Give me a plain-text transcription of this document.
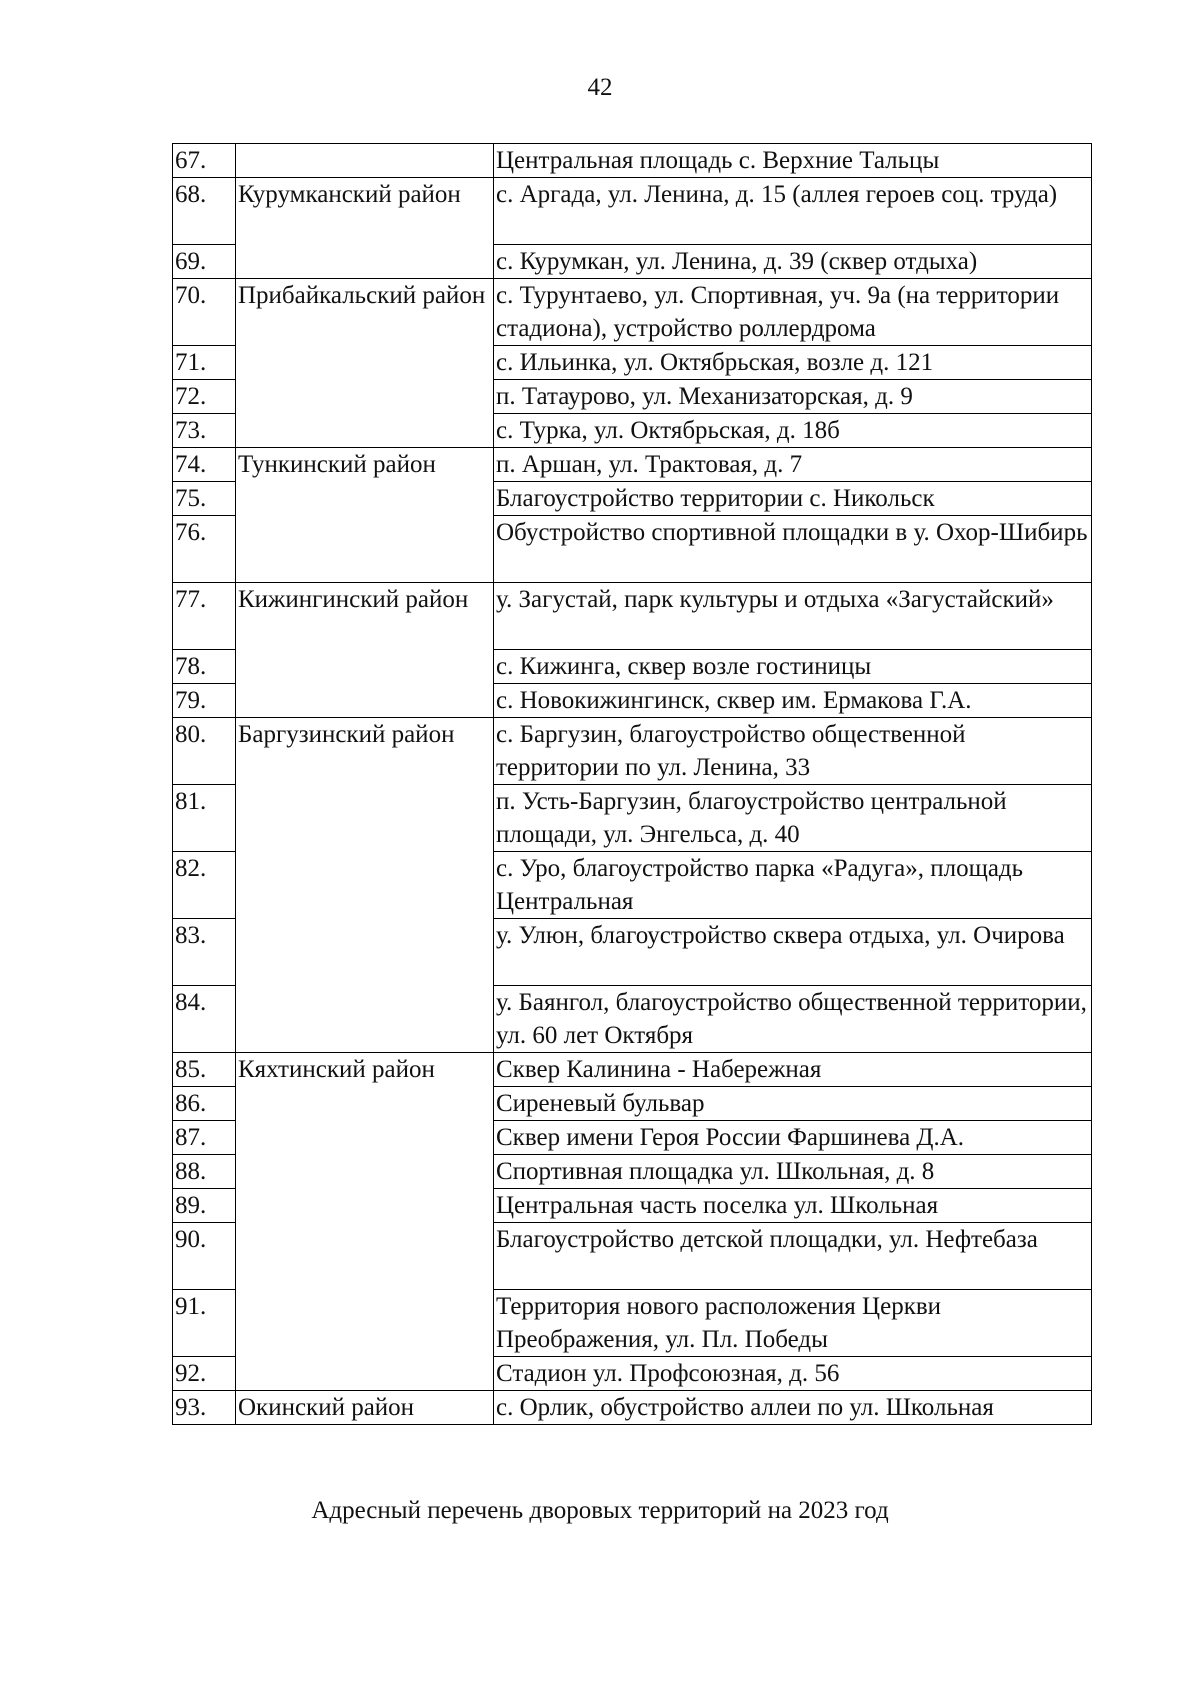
42
67.		Центральная площадь с. Верхние Тальцы
68.	Курумканский район	с. Аргада, ул. Ленина, д. 15 (аллея героев соц. труда)
69.		с. Курумкан, ул. Ленина, д. 39 (сквер отдыха)
70.	Прибайкальский район	с. Турунтаево, ул. Спортивная, уч. 9а (на территории стадиона), устройство роллердрома
71.		с. Ильинка, ул. Октябрьская, возле д. 121
72.		п. Татаурово, ул. Механизаторская, д. 9
73.		с. Турка, ул. Октябрьская, д. 18б
74.	Тункинский район	п. Аршан, ул. Трактовая, д. 7
75.		Благоустройство территории с. Никольск
76.		Обустройство спортивной площадки в у. Охор-Шибирь
77.	Кижингинский район	у. Загустай, парк культуры и отдыха «Загустайский»
78.		с. Кижинга, сквер возле гостиницы
79.		с. Новокижингинск, сквер им. Ермакова Г.А.
80.	Баргузинский район	с. Баргузин, благоустройство общественной территории по ул. Ленина, 33
81.		п. Усть-Баргузин, благоустройство центральной площади, ул. Энгельса, д. 40
82.		с. Уро, благоустройство парка «Радуга», площадь Центральная
83.		у. Улюн, благоустройство сквера отдыха, ул. Очирова
84.		у. Баянгол, благоустройство общественной территории, ул. 60 лет Октября
85.	Кяхтинский район	Сквер Калинина - Набережная
86.		Сиреневый бульвар
87.		Сквер имени Героя России Фаршинева Д.А.
88.		Спортивная площадка ул. Школьная, д. 8
89.		Центральная часть поселка ул. Школьная
90.		Благоустройство детской площадки, ул. Нефтебаза
91.		Территория нового расположения Церкви Преображения, ул. Пл. Победы
92.		Стадион ул. Профсоюзная, д. 56
93.	Окинский район	с. Орлик, обустройство аллеи по ул. Школьная
Адресный перечень дворовых территорий на 2023 год
